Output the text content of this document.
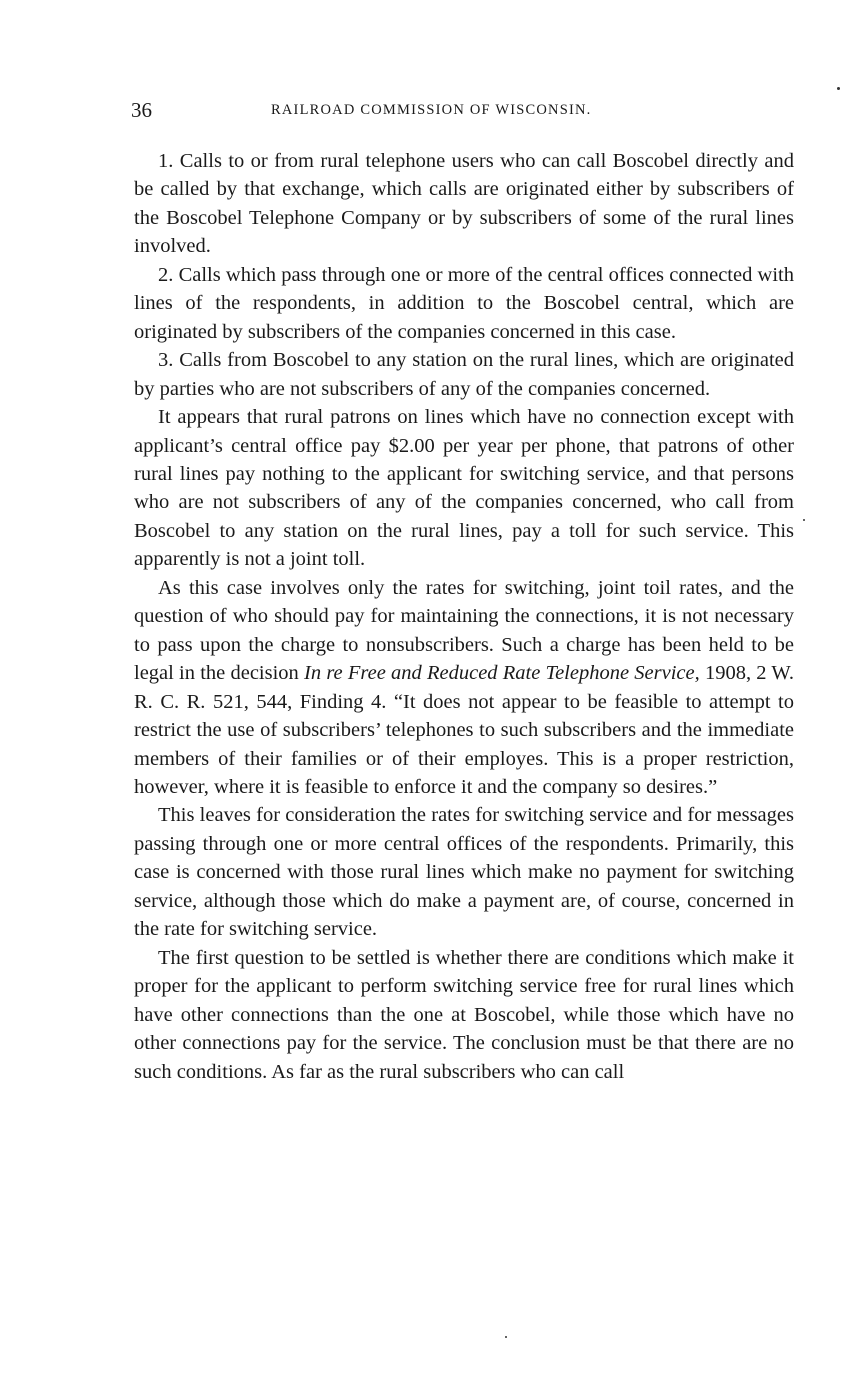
36	RAILROAD COMMISSION OF WISCONSIN.

1. Calls to or from rural telephone users who can call Boscobel directly and be called by that exchange, which calls are originated either by subscribers of the Boscobel Telephone Company or by subscribers of some of the rural lines involved.

2. Calls which pass through one or more of the central offices connected with lines of the respondents, in addition to the Boscobel central, which are originated by subscribers of the companies concerned in this case.

3. Calls from Boscobel to any station on the rural lines, which are originated by parties who are not subscribers of any of the companies concerned.

It appears that rural patrons on lines which have no connection except with applicant’s central office pay $2.00 per year per phone, that patrons of other rural lines pay nothing to the applicant for switching service, and that persons who are not subscribers of any of the companies concerned, who call from Boscobel to any station on the rural lines, pay a toll for such service. This apparently is not a joint toll.

As this case involves only the rates for switching, joint toil rates, and the question of who should pay for maintaining the connections, it is not necessary to pass upon the charge to nonsubscribers. Such a charge has been held to be legal in the decision In re Free and Reduced Rate Telephone Service, 1908, 2 W. R. C. R. 521, 544, Finding 4. “It does not appear to be feasible to attempt to restrict the use of subscribers’ telephones to such subscribers and the immediate members of their families or of their employes. This is a proper restriction, however, where it is feasible to enforce it and the company so desires.”

This leaves for consideration the rates for switching service and for messages passing through one or more central offices of the respondents. Primarily, this case is concerned with those rural lines which make no payment for switching service, although those which do make a payment are, of course, concerned in the rate for switching service.

The first question to be settled is whether there are conditions which make it proper for the applicant to perform switching service free for rural lines which have other connections than the one at Boscobel, while those which have no other connections pay for the service. The conclusion must be that there are no such conditions. As far as the rural subscribers who can call
